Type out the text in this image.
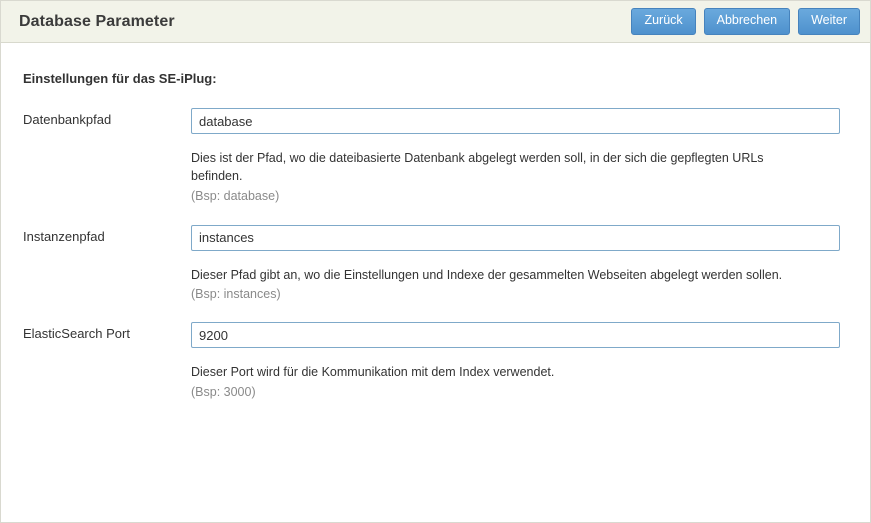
Database Parameter	Zurück	Abbrechen	Weiter
Einstellungen für das SE-iPlug:
Datenbankpfad
database
Dies ist der Pfad, wo die dateibasierte Datenbank abgelegt werden soll, in der sich die gepflegten URLs befinden.
(Bsp: database)
Instanzenpfad
instances
Dieser Pfad gibt an, wo die Einstellungen und Indexe der gesammelten Webseiten abgelegt werden sollen.
(Bsp: instances)
ElasticSearch Port
9200
Dieser Port wird für die Kommunikation mit dem Index verwendet.
(Bsp: 3000)
